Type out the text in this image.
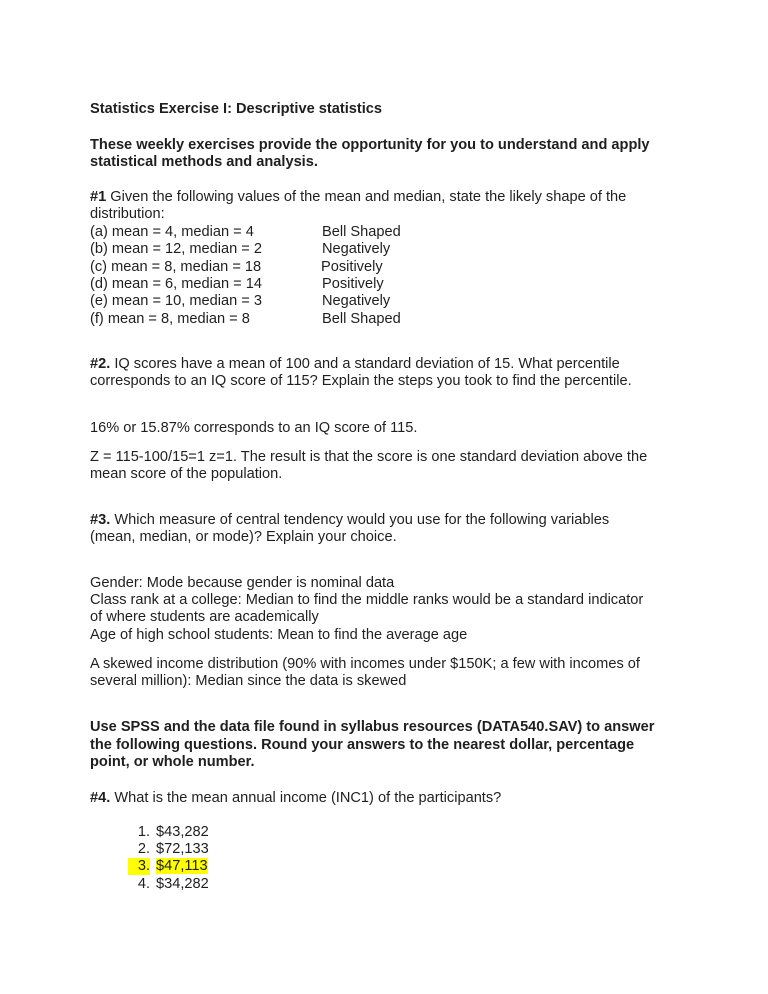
Statistics Exercise I: Descriptive statistics
These weekly exercises provide the opportunity for you to understand and apply
statistical methods and analysis.
#1 Given the following values of the mean and median, state the likely shape of the
distribution:
(a) mean = 4, median = 4	Bell Shaped
(b) mean = 12, median = 2	Negatively
(c) mean = 8, median = 18	Positively
(d) mean = 6, median = 14	Positively
(e) mean = 10, median = 3	Negatively
(f) mean = 8, median = 8	Bell Shaped
#2. IQ scores have a mean of 100 and a standard deviation of 15. What percentile
corresponds to an IQ score of 115? Explain the steps you took to find the percentile.
16% or 15.87% corresponds to an IQ score of 115.
Z = 115-100/15=1 z=1. The result is that the score is one standard deviation above the
mean score of the population.
#3. Which measure of central tendency would you use for the following variables
(mean, median, or mode)? Explain your choice.
Gender: Mode because gender is nominal data
Class rank at a college: Median to find the middle ranks would be a standard indicator
of where students are academically
Age of high school students: Mean to find the average age
A skewed income distribution (90% with incomes under $150K; a few with incomes of
several million): Median since the data is skewed
Use SPSS and the data file found in syllabus resources (DATA540.SAV) to answer
the following questions. Round your answers to the nearest dollar, percentage
point, or whole number.
#4. What is the mean annual income (INC1) of the participants?
1. $43,282
2. $72,133
3. $47,113
4. $34,282
